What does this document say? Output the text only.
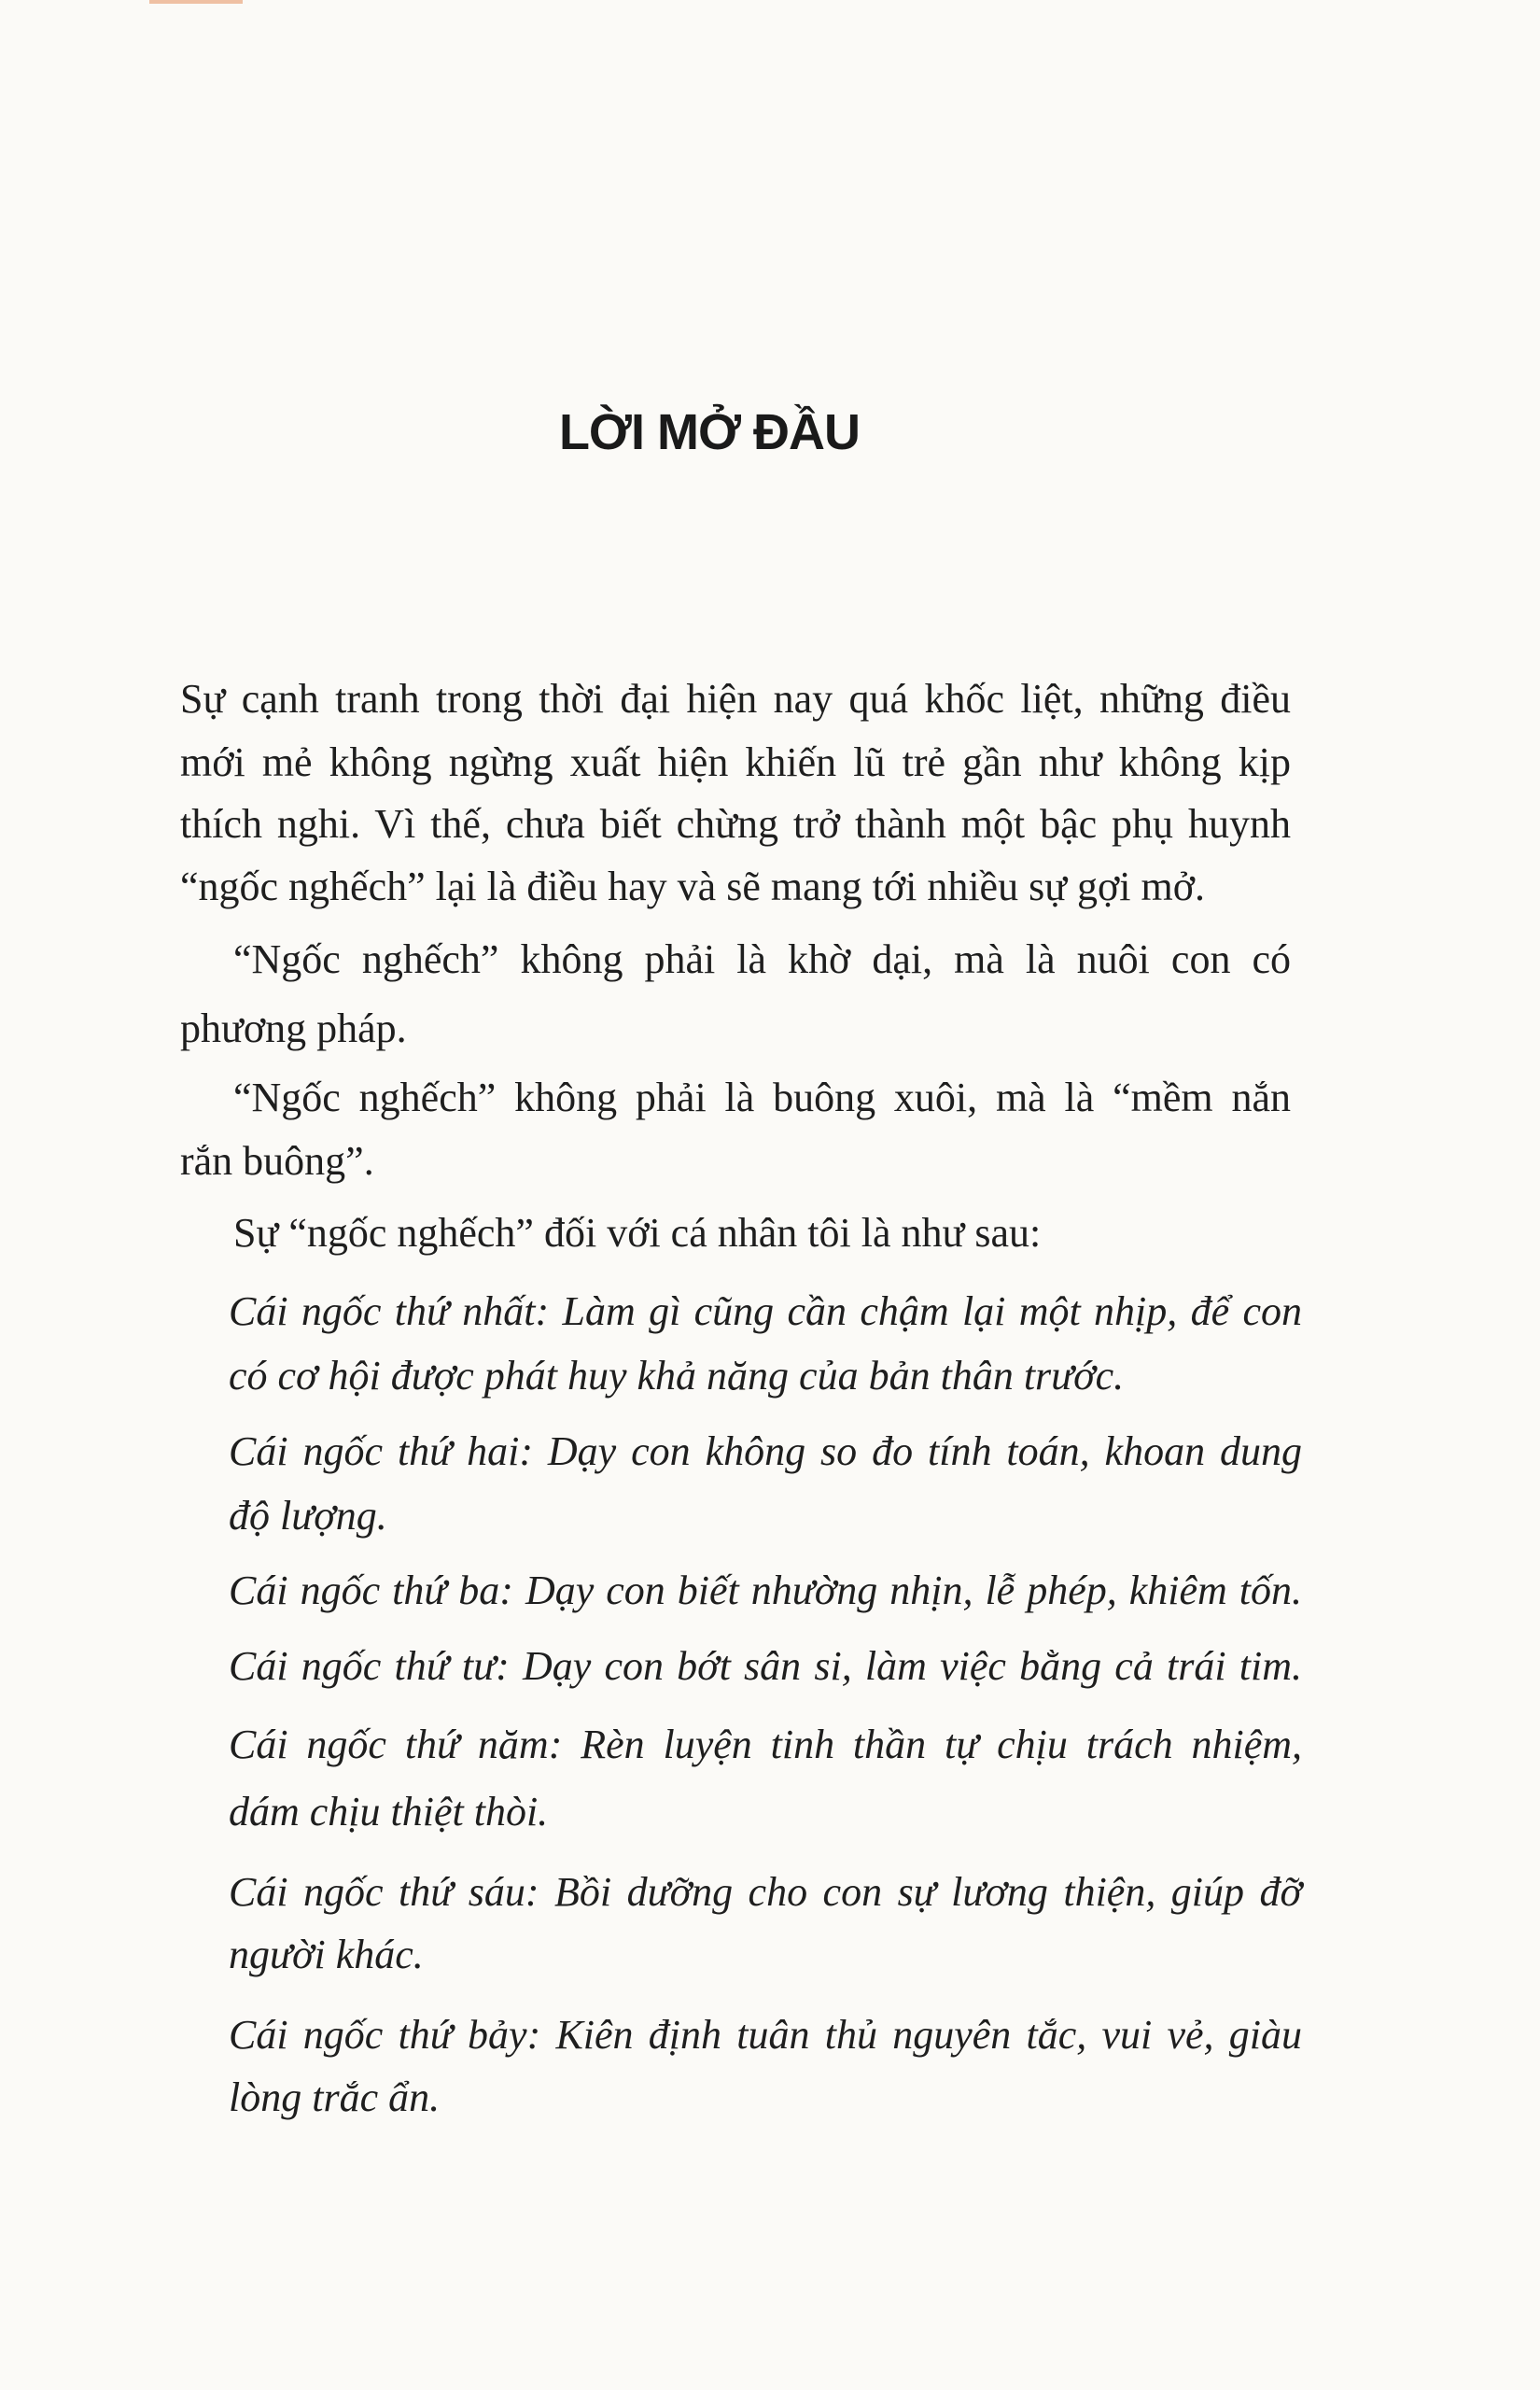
LỜI MỞ ĐẦU
Sự cạnh tranh trong thời đại hiện nay quá khốc liệt, những điều
mới mẻ không ngừng xuất hiện khiến lũ trẻ gần như không kịp
thích nghi. Vì thế, chưa biết chừng trở thành một bậc phụ huynh
“ngốc nghếch” lại là điều hay và sẽ mang tới nhiều sự gợi mở.
“Ngốc nghếch” không phải là khờ dại, mà là nuôi con có
phương pháp.
“Ngốc nghếch” không phải là buông xuôi, mà là “mềm nắn
rắn buông”.
Sự “ngốc nghếch” đối với cá nhân tôi là như sau:
Cái ngốc thứ nhất: Làm gì cũng cần chậm lại một nhịp, để con
có cơ hội được phát huy khả năng của bản thân trước.
Cái ngốc thứ hai: Dạy con không so đo tính toán, khoan dung
độ lượng.
Cái ngốc thứ ba: Dạy con biết nhường nhịn, lễ phép, khiêm tốn.
Cái ngốc thứ tư: Dạy con bớt sân si, làm việc bằng cả trái tim.
Cái ngốc thứ năm: Rèn luyện tinh thần tự chịu trách nhiệm,
dám chịu thiệt thòi.
Cái ngốc thứ sáu: Bồi dưỡng cho con sự lương thiện, giúp đỡ
người khác.
Cái ngốc thứ bảy: Kiên định tuân thủ nguyên tắc, vui vẻ, giàu
lòng trắc ẩn.
